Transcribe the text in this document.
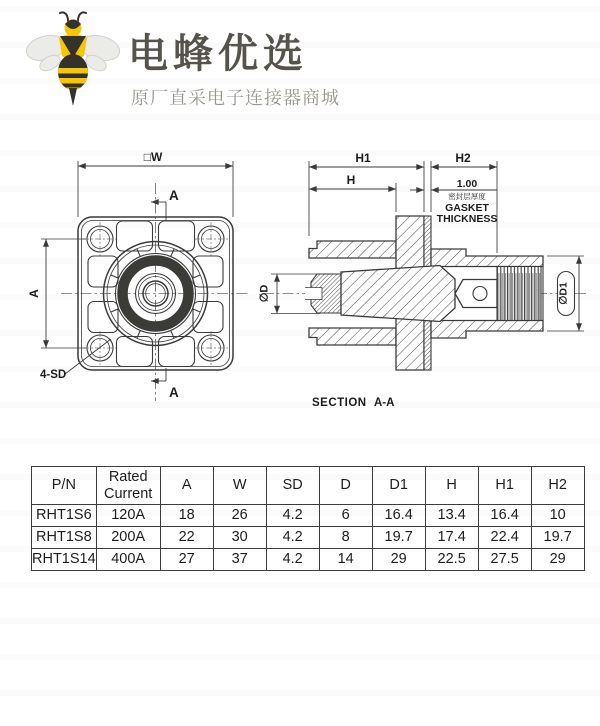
电蜂优选
原厂直采电子连接器商城
□W
A
A
A
4-SD
H1	H2
H	1.00
密封层厚度
GASKET
THICKNESS
∅D	∅D1
SECTION A-A
P/N	Rated Current	A	W	SD	D	D1	H	H1	H2
RHT1S6	120A	18	26	4.2	6	16.4	13.4	16.4	10
RHT1S8	200A	22	30	4.2	8	19.7	17.4	22.4	19.7
RHT1S14	400A	27	37	4.2	14	29	22.5	27.5	29
